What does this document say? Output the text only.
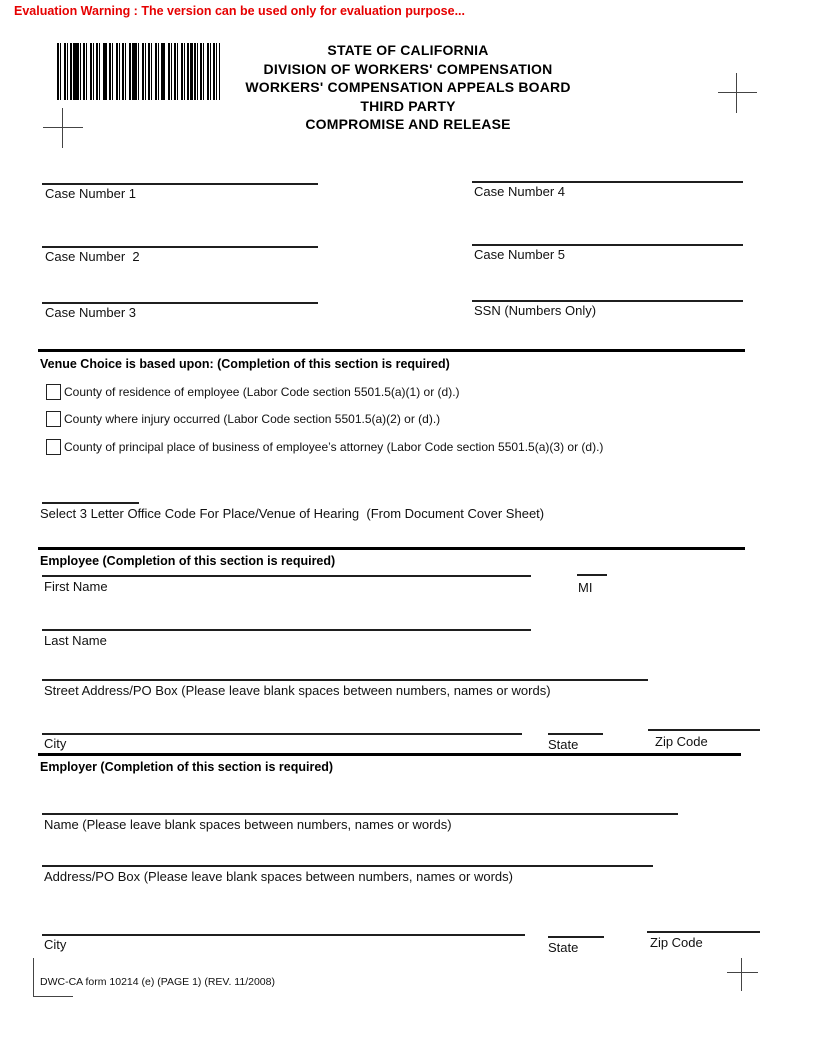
Evaluation Warning : The version can be used only for evaluation purpose...
STATE OF CALIFORNIA
DIVISION OF WORKERS' COMPENSATION
WORKERS' COMPENSATION APPEALS BOARD
THIRD PARTY
COMPROMISE AND RELEASE
Case Number 1
Case Number  2
Case Number 3
Case Number 4
Case Number 5
SSN (Numbers Only)
Venue Choice is based upon: (Completion of this section is required)
County of residence of employee (Labor Code section 5501.5(a)(1) or (d).)
County where injury occurred (Labor Code section 5501.5(a)(2) or (d).)
County of principal place of business of employee’s attorney (Labor Code section 5501.5(a)(3) or (d).)
Select 3 Letter Office Code For Place/Venue of Hearing  (From Document Cover Sheet)
Employee (Completion of this section is required)
First Name	MI
Last Name
Street Address/PO Box (Please leave blank spaces between numbers, names or words)
City	State	Zip Code
Employer (Completion of this section is required)
Name (Please leave blank spaces between numbers, names or words)
Address/PO Box (Please leave blank spaces between numbers, names or words)
City	State	Zip Code
DWC-CA form 10214 (e) (PAGE 1) (REV. 11/2008)
